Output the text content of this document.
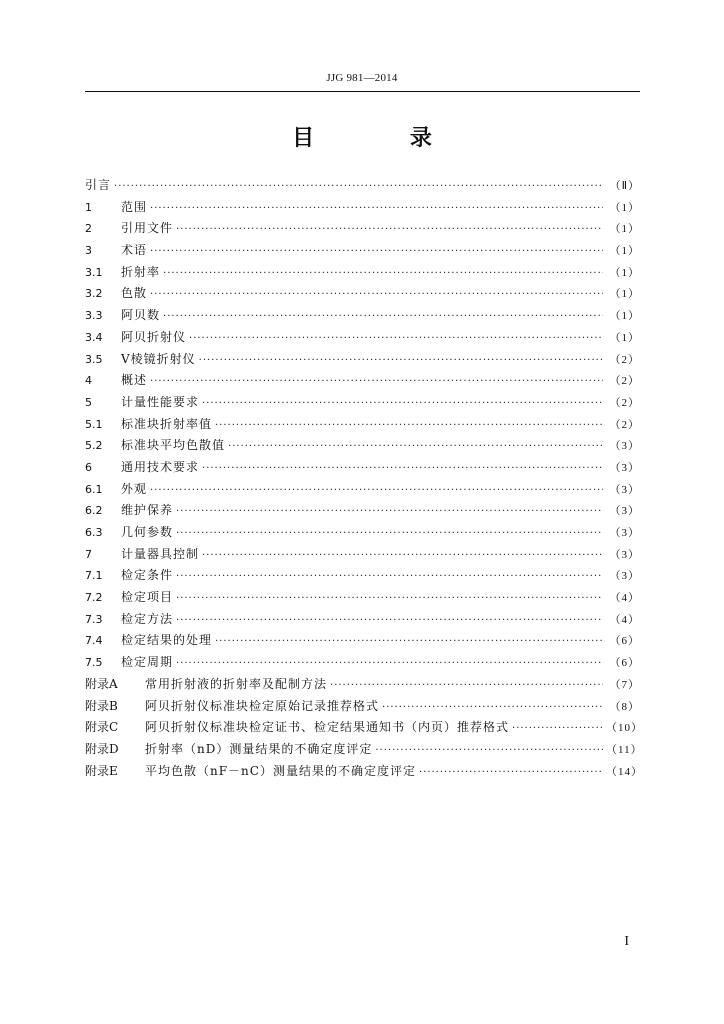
JJG 981—2014
目 录
引言 ·····	（Ⅱ）
1	范围 ·····	（1）
2	引用文件 ·····	（1）
3	术语 ·····	（1）
3.1	折射率 ·····	（1）
3.2	色散 ·····	（1）
3.3	阿贝数 ·····	（1）
3.4	阿贝折射仪 ·····	（1）
3.5	V棱镜折射仪 ·····	（2）
4	概述 ·····	（2）
5	计量性能要求 ·····	（2）
5.1	标准块折射率值 ·····	（2）
5.2	标准块平均色散值 ·····	（3）
6	通用技术要求 ·····	（3）
6.1	外观 ·····	（3）
6.2	维护保养 ·····	（3）
6.3	几何参数 ·····	（3）
7	计量器具控制 ·····	（3）
7.1	检定条件 ·····	（3）
7.2	检定项目 ·····	（4）
7.3	检定方法 ·····	（4）
7.4	检定结果的处理 ·····	（6）
7.5	检定周期 ·····	（6）
附录A	常用折射液的折射率及配制方法 ·····	（7）
附录B	阿贝折射仪标准块检定原始记录推荐格式 ·····	（8）
附录C	阿贝折射仪标准块检定证书、检定结果通知书（内页）推荐格式 ·····	（10）
附录D	折射率（nD）测量结果的不确定度评定 ·····	（11）
附录E	平均色散（nF－nC）测量结果的不确定度评定 ·····	（14）
I
